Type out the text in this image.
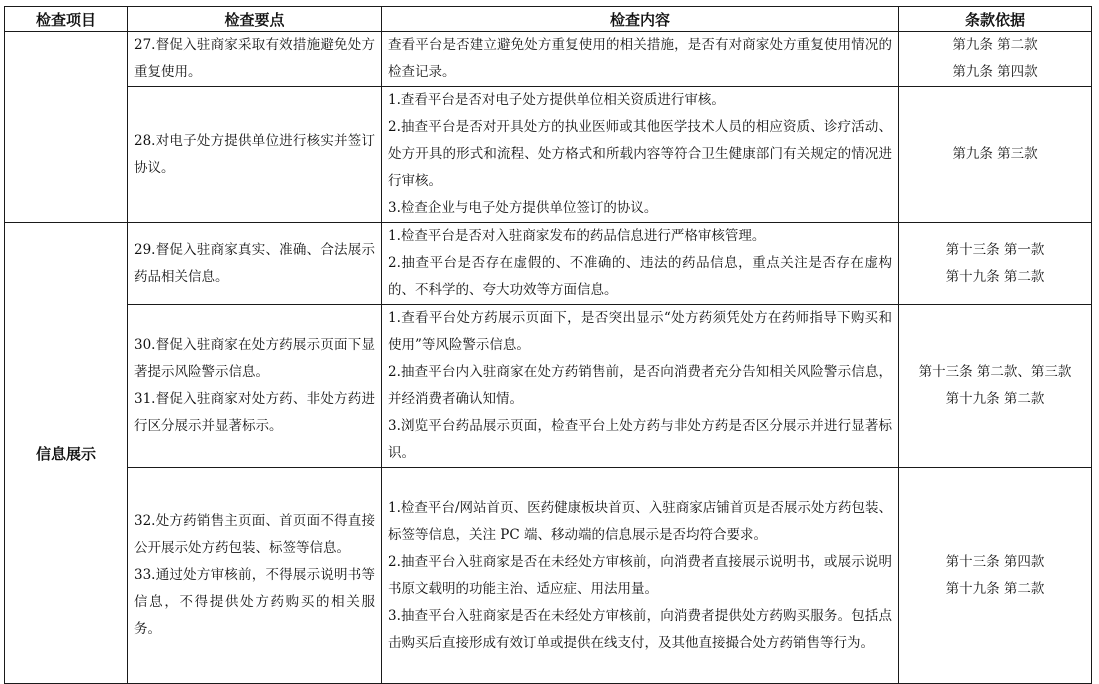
检查项目	检查要点	检查内容	条款依据

	27.督促入驻商家采取有效措施避免处方重复使用。	查看平台是否建立避免处方重复使用的相关措施，是否有对商家处方重复使用情况的检查记录。	第九条 第二款
第九条 第四款

	28.对电子处方提供单位进行核实并签订协议。	1.查看平台是否对电子处方提供单位相关资质进行审核。
2.抽查平台是否对开具处方的执业医师或其他医学技术人员的相应资质、诊疗活动、处方开具的形式和流程、处方格式和所载内容等符合卫生健康部门有关规定的情况进行审核。
3.检查企业与电子处方提供单位签订的协议。	第九条 第三款

信息展示	29.督促入驻商家真实、准确、合法展示药品相关信息。	1.检查平台是否对入驻商家发布的药品信息进行严格审核管理。
2.抽查平台是否存在虚假的、不准确的、违法的药品信息，重点关注是否存在虚构的、不科学的、夸大功效等方面信息。	第十三条 第一款
第十九条 第二款

	30.督促入驻商家在处方药展示页面下显著提示风险警示信息。
31.督促入驻商家对处方药、非处方药进行区分展示并显著标示。	1.查看平台处方药展示页面下，是否突出显示“处方药须凭处方在药师指导下购买和使用”等风险警示信息。
2.抽查平台内入驻商家在处方药销售前，是否向消费者充分告知相关风险警示信息，并经消费者确认知情。
3.浏览平台药品展示页面，检查平台上处方药与非处方药是否区分展示并进行显著标识。	第十三条 第二款、第三款
第十九条 第二款

	32.处方药销售主页面、首页面不得直接公开展示处方药包装、标签等信息。
33.通过处方审核前，不得展示说明书等信息，不得提供处方药购买的相关服务。	1.检查平台/网站首页、医药健康板块首页、入驻商家店铺首页是否展示处方药包装、标签等信息，关注 PC 端、移动端的信息展示是否均符合要求。
2.抽查平台入驻商家是否在未经处方审核前，向消费者直接展示说明书，或展示说明书原文载明的功能主治、适应症、用法用量。
3.抽查平台入驻商家是否在未经处方审核前，向消费者提供处方药购买服务。包括点击购买后直接形成有效订单或提供在线支付，及其他直接撮合处方药销售等行为。	第十三条 第四款
第十九条 第二款
